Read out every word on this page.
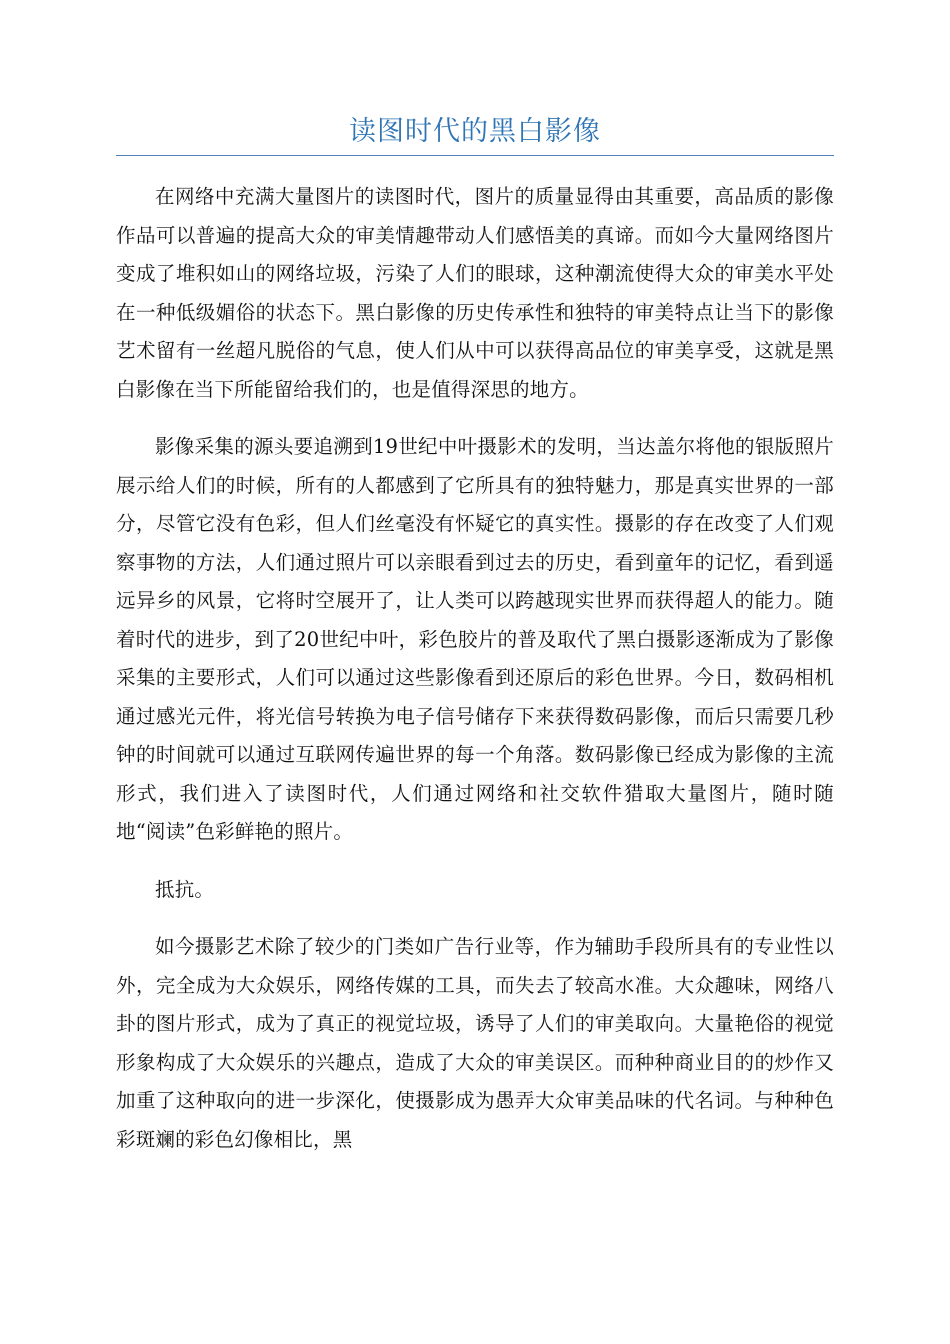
读图时代的黑白影像

在网络中充满大量图片的读图时代，图片的质量显得由其重要，高品质的影像作品可以普遍的提高大众的审美情趣带动人们感悟美的真谛。而如今大量网络图片变成了堆积如山的网络垃圾，污染了人们的眼球，这种潮流使得大众的审美水平处在一种低级媚俗的状态下。黑白影像的历史传承性和独特的审美特点让当下的影像艺术留有一丝超凡脱俗的气息，使人们从中可以获得高品位的审美享受，这就是黑白影像在当下所能留给我们的，也是值得深思的地方。

影像采集的源头要追溯到19世纪中叶摄影术的发明，当达盖尔将他的银版照片展示给人们的时候，所有的人都感到了它所具有的独特魅力，那是真实世界的一部分，尽管它没有色彩，但人们丝毫没有怀疑它的真实性。摄影的存在改变了人们观察事物的方法，人们通过照片可以亲眼看到过去的历史，看到童年的记忆，看到遥远异乡的风景，它将时空展开了，让人类可以跨越现实世界而获得超人的能力。随着时代的进步，到了20世纪中叶，彩色胶片的普及取代了黑白摄影逐渐成为了影像采集的主要形式，人们可以通过这些影像看到还原后的彩色世界。今日，数码相机通过感光元件，将光信号转换为电子信号储存下来获得数码影像，而后只需要几秒钟的时间就可以通过互联网传遍世界的每一个角落。数码影像已经成为影像的主流形式，我们进入了读图时代，人们通过网络和社交软件猎取大量图片，随时随地“阅读”色彩鲜艳的照片。

抵抗。

如今摄影艺术除了较少的门类如广告行业等，作为辅助手段所具有的专业性以外，完全成为大众娱乐，网络传媒的工具，而失去了较高水准。大众趣味，网络八卦的图片形式，成为了真正的视觉垃圾，诱导了人们的审美取向。大量艳俗的视觉形象构成了大众娱乐的兴趣点，造成了大众的审美误区。而种种商业目的的炒作又加重了这种取向的进一步深化，使摄影成为愚弄大众审美品味的代名词。与种种色彩斑斓的彩色幻像相比，黑
